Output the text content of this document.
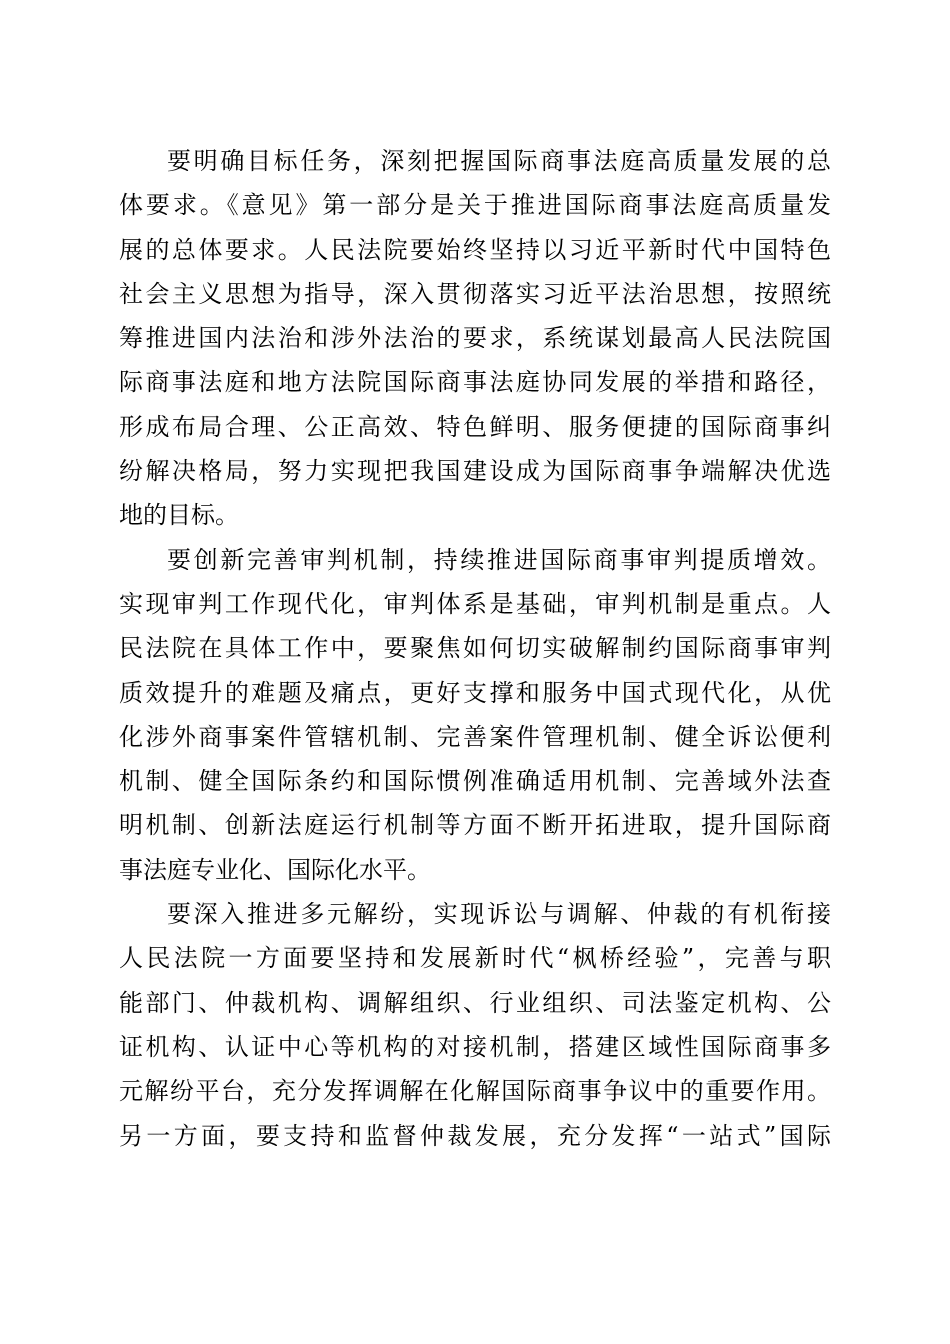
要明确目标任务，深刻把握国际商事法庭高质量发展的总
体要求。《意见》第一部分是关于推进国际商事法庭高质量发
展的总体要求。人民法院要始终坚持以习近平新时代中国特色
社会主义思想为指导，深入贯彻落实习近平法治思想，按照统
筹推进国内法治和涉外法治的要求，系统谋划最高人民法院国
际商事法庭和地方法院国际商事法庭协同发展的举措和路径，
形成布局合理、公正高效、特色鲜明、服务便捷的国际商事纠
纷解决格局，努力实现把我国建设成为国际商事争端解决优选
地的目标。
要创新完善审判机制，持续推进国际商事审判提质增效。
实现审判工作现代化，审判体系是基础，审判机制是重点。人
民法院在具体工作中，要聚焦如何切实破解制约国际商事审判
质效提升的难题及痛点，更好支撑和服务中国式现代化，从优
化涉外商事案件管辖机制、完善案件管理机制、健全诉讼便利
机制、健全国际条约和国际惯例准确适用机制、完善域外法查
明机制、创新法庭运行机制等方面不断开拓进取，提升国际商
事法庭专业化、国际化水平。
要深入推进多元解纷，实现诉讼与调解、仲裁的有机衔接
人民法院一方面要坚持和发展新时代“枫桥经验”，完善与职
能部门、仲裁机构、调解组织、行业组织、司法鉴定机构、公
证机构、认证中心等机构的对接机制，搭建区域性国际商事多
元解纷平台，充分发挥调解在化解国际商事争议中的重要作用。
另一方面，要支持和监督仲裁发展，充分发挥“一站式”国际
